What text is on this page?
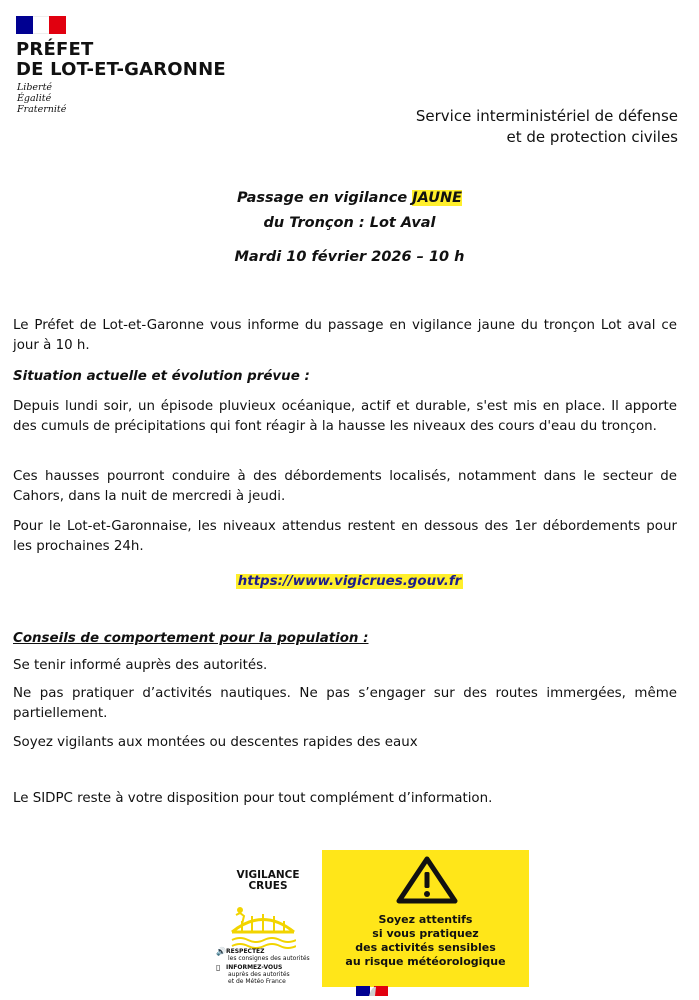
PRÉFET
DE LOT-ET-GARONNE
Liberté
Égalité
Fraternité	Service interministériel de défense
et de protection civiles
Passage en vigilance JAUNE
du Tronçon : Lot Aval
Mardi 10 février 2026 – 10 h
Le Préfet de Lot-et-Garonne vous informe du passage en vigilance jaune du tronçon Lot aval ce jour à 10 h.
Situation actuelle et évolution prévue :
Depuis lundi soir, un épisode pluvieux océanique, actif et durable, s'est mis en place. Il apporte des cumuls de précipitations qui font réagir à la hausse les niveaux des cours d'eau du tronçon.
Ces hausses pourront conduire à des débordements localisés, notamment dans le secteur de Cahors, dans la nuit de mercredi à jeudi.
Pour le Lot-et-Garonnaise, les niveaux attendus restent en dessous des 1er débordements pour les prochaines 24h.
https://www.vigicrues.gouv.fr
Conseils de comportement pour la population :
Se tenir informé auprès des autorités.
Ne pas pratiquer d’activités nautiques. Ne pas s’engager sur des routes immergées, même partiellement.
Soyez vigilants aux montées ou descentes rapides des eaux
Le SIDPC reste à votre disposition pour tout complément d’information.
VIGILANCE
CRUES
🔊RESPECTEZ
les consignes des autorités
▯ INFORMEZ-VOUS
auprès des autorités
et de Météo France
Soyez attentifs
si vous pratiquez
des activités sensibles
au risque météorologique
